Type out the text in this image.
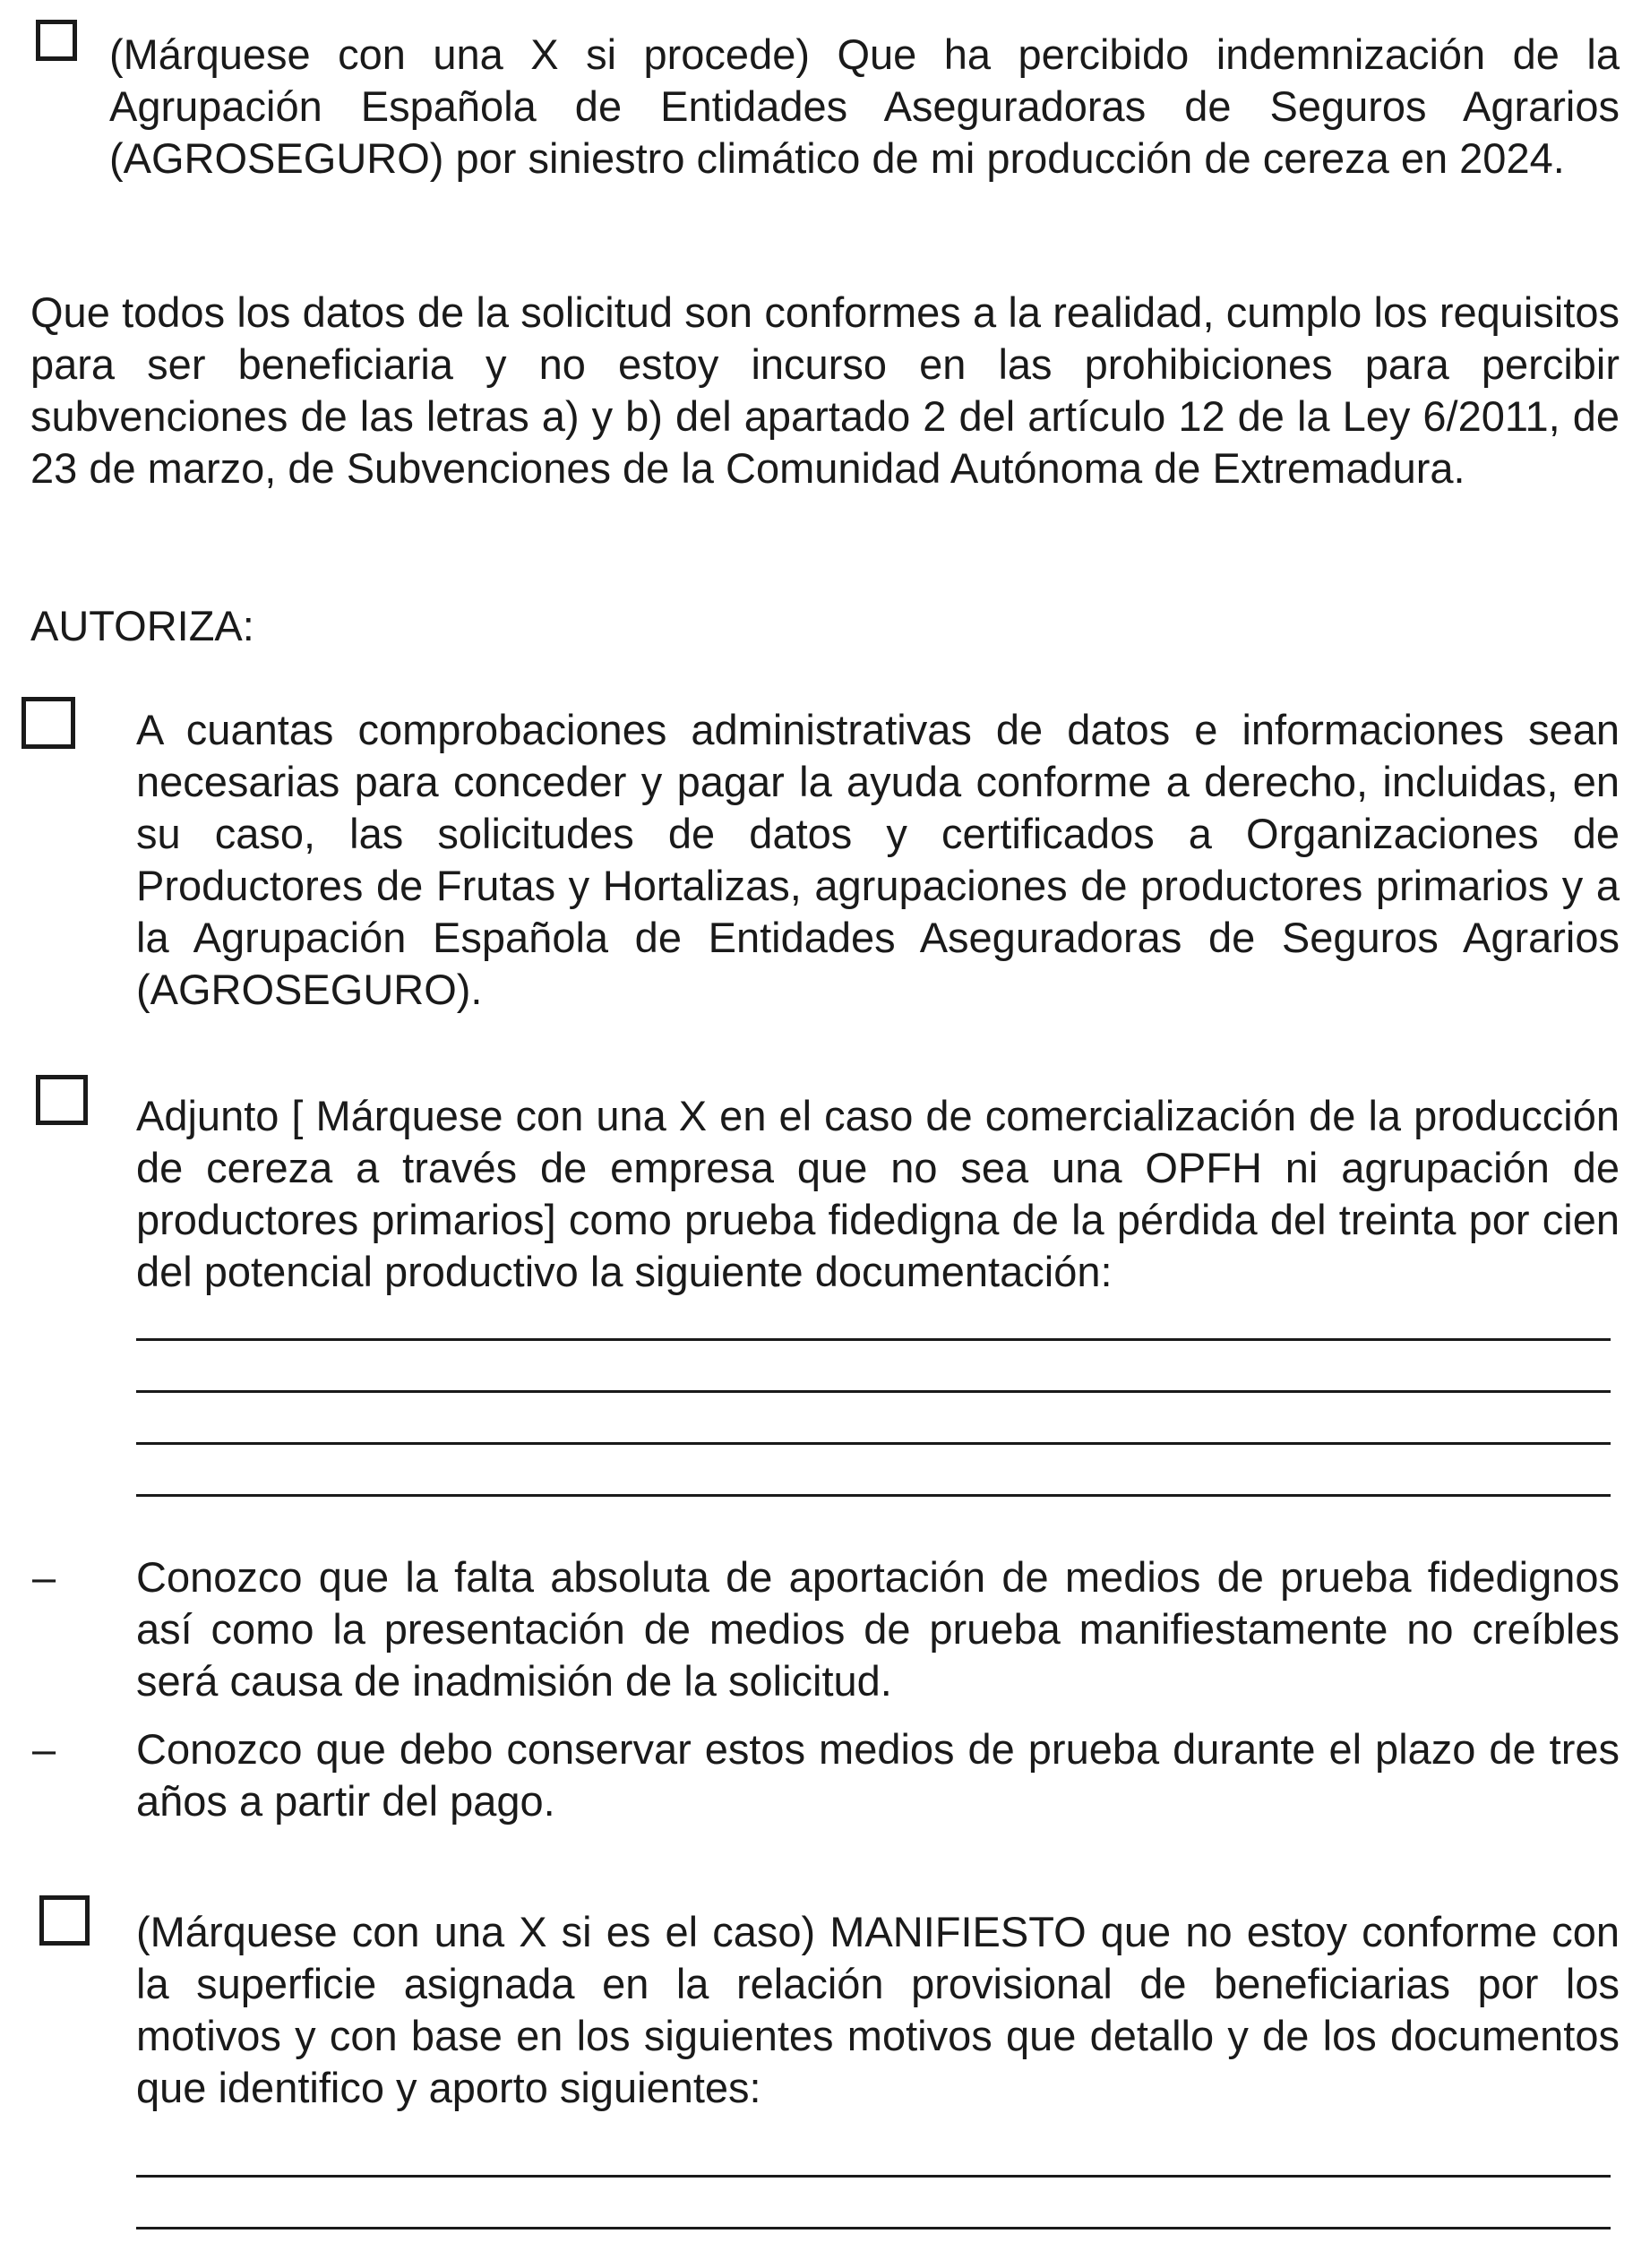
(Márquese con una X si procede) Que ha percibido indemnización de la Agrupación Española de Entidades Aseguradoras de Seguros Agrarios (AGROSEGURO) por siniestro climático de mi producción de cereza en 2024.
Que todos los datos de la solicitud son conformes a la realidad, cumplo los requisitos para ser beneficiaria y no estoy incurso en las prohibiciones para percibir subvenciones de las letras a) y b) del apartado 2 del artículo 12 de la Ley 6/2011, de 23 de marzo, de Subvenciones de la Comunidad Autónoma de Extremadura.
AUTORIZA:
A cuantas comprobaciones administrativas de datos e informaciones sean necesarias para conceder y pagar la ayuda conforme a derecho, incluidas, en su caso, las solicitudes de datos y certificados a Organizaciones de Productores de Frutas y Hortalizas, agrupaciones de productores primarios y a la Agrupación Española de Entidades Aseguradoras de Seguros Agrarios (AGROSEGURO).
Adjunto [ Márquese con una X en el caso de comercialización de la producción de cereza a través de empresa que no sea una OPFH ni agrupación de productores primarios] como prueba fidedigna de la pérdida del treinta por cien del potencial productivo la siguiente documentación:
– Conozco que la falta absoluta de aportación de medios de prueba fidedignos así como la presentación de medios de prueba manifiestamente no creíbles será causa de inadmisión de la solicitud.
– Conozco que debo conservar estos medios de prueba durante el plazo de tres años a partir del pago.
(Márquese con una X si es el caso) MANIFIESTO que no estoy conforme con la superficie asignada en la relación provisional de beneficiarias por los motivos y con base en los siguientes motivos que detallo y de los documentos que identifico y aporto siguientes:
